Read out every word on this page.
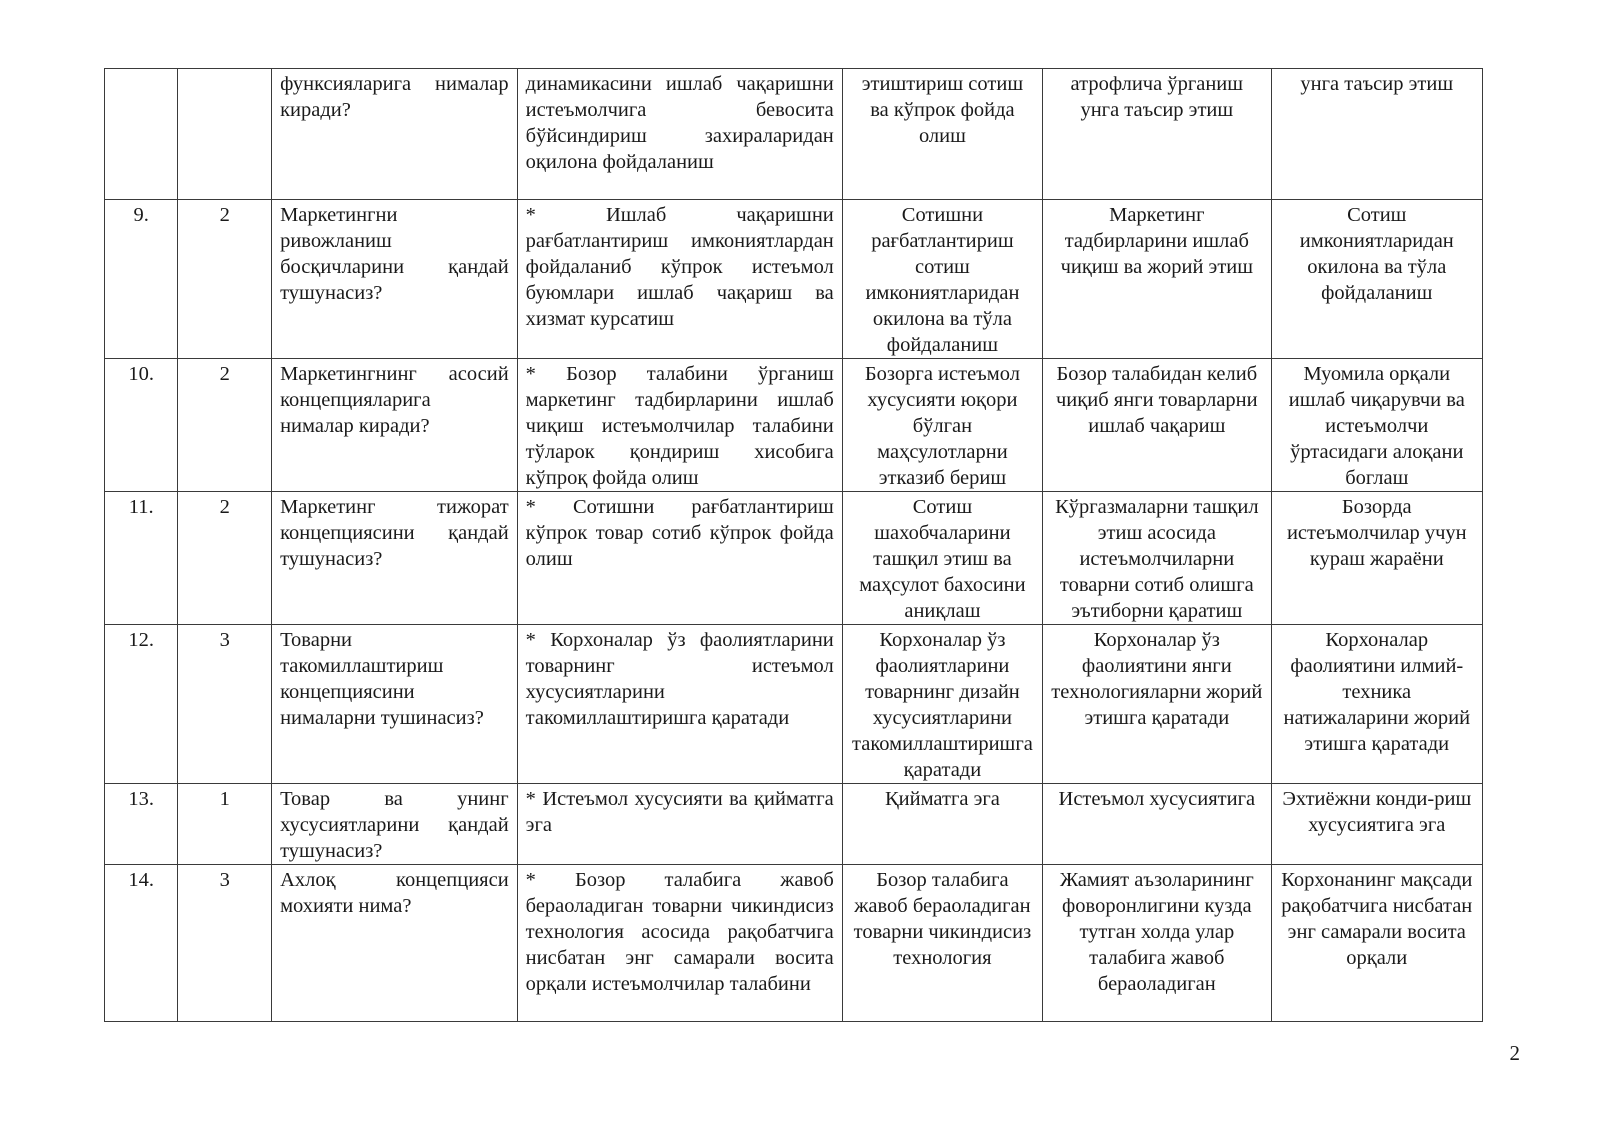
		функсияларига нималар киради?	динамикасини ишлаб чақаришни истеъмолчига бевосита бўйсиндириш захираларидан оқилона фойдаланиш	этиштириш сотиш ва кўпрок фойда олиш	атрофлича ўрганиш унга таъсир этиш	унга таъсир этиш
9.	2	Маркетингни ривожланиш босқичларини қандай тушунасиз?	* Ишлаб чақаришни рағбатлантириш имкониятлардан фойдаланиб кўпрок истеъмол буюмлари ишлаб чақариш ва хизмат курсатиш	Сотишни рағбатлантириш сотиш имкониятларидан окилона ва тўла фойдаланиш	Маркетинг тадбирларини ишлаб чиқиш ва жорий этиш	Сотиш имкониятларидан окилона ва тўла фойдаланиш
10.	2	Маркетингнинг асосий концепцияларига нималар киради?	* Бозор талабини ўрганиш маркетинг тадбирларини ишлаб чиқиш истеъмолчилар талабини тўларок қондириш хисобига кўпроқ фойда олиш	Бозорга истеъмол хусусияти юқори бўлган маҳсулотларни этказиб бериш	Бозор талабидан келиб чиқиб янги товарларни ишлаб чақариш	Муомила орқали ишлаб чиқарувчи ва истеъмолчи ўртасидаги алоқани боглаш
11.	2	Маркетинг тижорат концепциясини қандай тушунасиз?	* Сотишни рағбатлантириш кўпрок товар сотиб кўпрок фойда олиш	Сотиш шахобчаларини ташқил этиш ва маҳсулот бахосини аниқлаш	Кўргазмаларни ташқил этиш асосида истеъмолчиларни товарни сотиб олишга эътиборни қаратиш	Бозорда истеъмолчилар учун кураш жараёни
12.	3	Товарни такомиллаштириш концепциясини нималарни тушинасиз?	* Корхоналар ўз фаолиятларини товарнинг истеъмол хусусиятларини такомиллаштиришга қаратади	Корхоналар ўз фаолиятларини товарнинг дизайн хусусиятларини такомиллаштиришга қаратади	Корхоналар ўз фаолиятини янги технологияларни жорий этишга қаратади	Корхоналар фаолиятини илмий-техника натижаларини жорий этишга қаратади
13.	1	Товар ва унинг хусусиятларини қандай тушунасиз?	* Истеъмол хусусияти ва қийматга эга	Қийматга эга	Истеъмол хусусиятига	Эхтиёжни конди-риш хусусиятига эга
14.	3	Ахлоқ концепцияси мохияти нима?	* Бозор талабига жавоб бераоладиган товарни чикиндисиз технология асосида рақобатчига нисбатан энг самарали восита орқали истеъмолчилар талабини	Бозор талабига жавоб бераоладиган товарни чикиндисиз технология	Жамият аъзоларининг фоворонлигини кузда тутган холда улар талабига жавоб бераоладиган	Корхонанинг мақсади рақобатчига нисбатан энг самарали восита орқали
2
